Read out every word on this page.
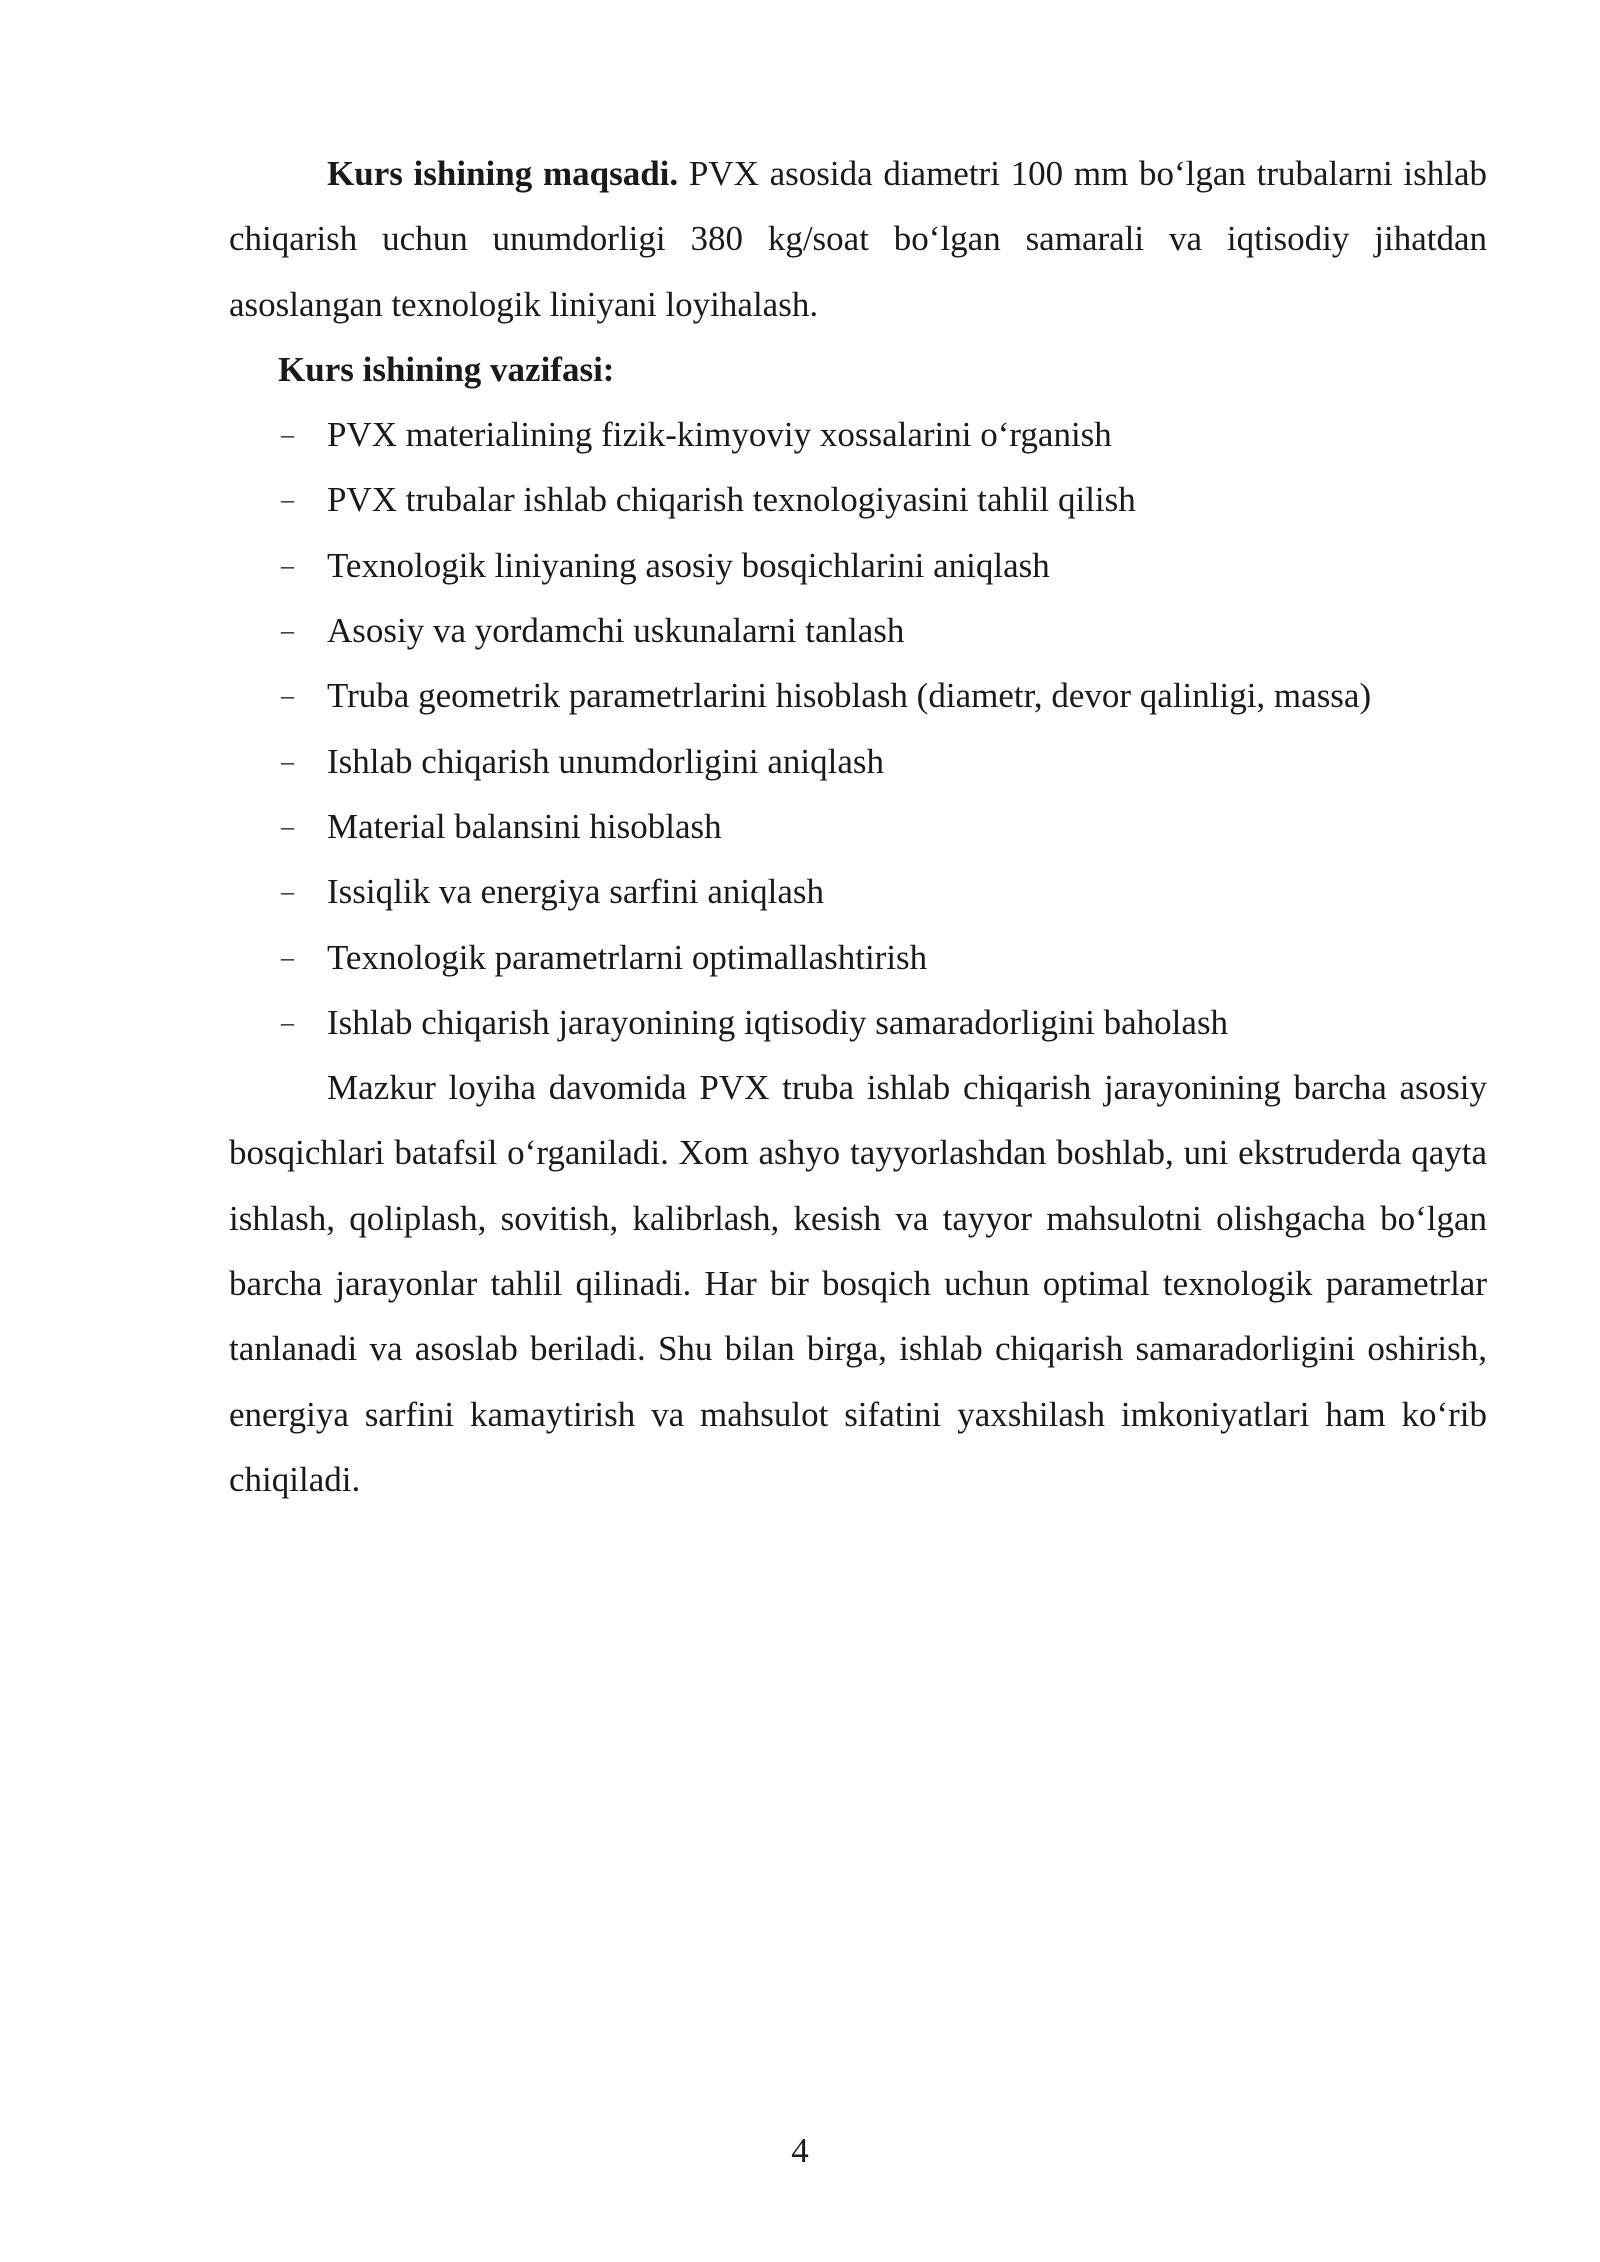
Kurs ishining maqsadi. PVX asosida diametri 100 mm bo‘lgan trubalarni ishlab chiqarish uchun unumdorligi 380 kg/soat bo‘lgan samarali va iqtisodiy jihatdan asoslangan texnologik liniyani loyihalash.

Kurs ishining vazifasi:

– PVX materialining fizik-kimyoviy xossalarini o‘rganish
– PVX trubalar ishlab chiqarish texnologiyasini tahlil qilish
– Texnologik liniyaning asosiy bosqichlarini aniqlash
– Asosiy va yordamchi uskunalarni tanlash
– Truba geometrik parametrlarini hisoblash (diametr, devor qalinligi, massa)
– Ishlab chiqarish unumdorligini aniqlash
– Material balansini hisoblash
– Issiqlik va energiya sarfini aniqlash
– Texnologik parametrlarni optimallashtirish
– Ishlab chiqarish jarayonining iqtisodiy samaradorligini baholash

Mazkur loyiha davomida PVX truba ishlab chiqarish jarayonining barcha asosiy bosqichlari batafsil o‘rganiladi. Xom ashyo tayyorlashdan boshlab, uni ekstruderda qayta ishlash, qoliplash, sovitish, kalibrlash, kesish va tayyor mahsulotni olishgacha bo‘lgan barcha jarayonlar tahlil qilinadi. Har bir bosqich uchun optimal texnologik parametrlar tanlanadi va asoslab beriladi. Shu bilan birga, ishlab chiqarish samaradorligini oshirish, energiya sarfini kamaytirish va mahsulot sifatini yaxshilash imkoniyatlari ham ko‘rib chiqiladi.

4
